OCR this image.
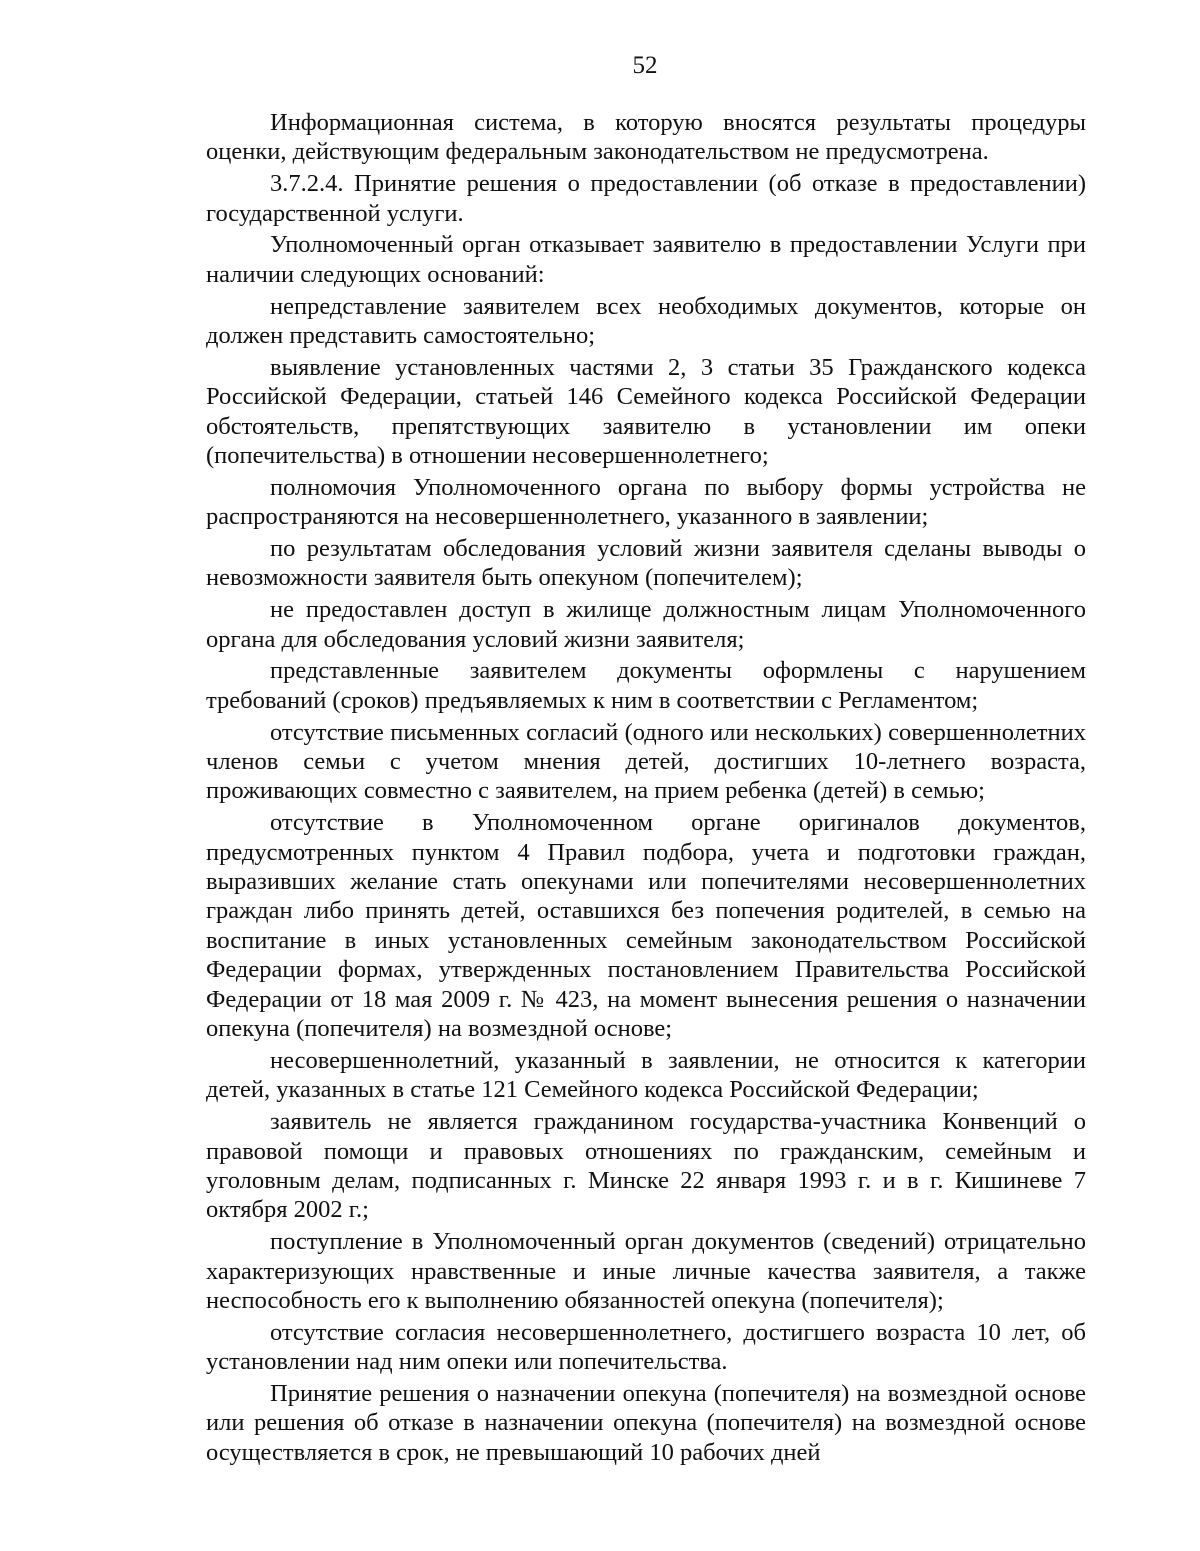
52

Информационная система, в которую вносятся результаты процедуры оценки, действующим федеральным законодательством не предусмотрена.

3.7.2.4. Принятие решения о предоставлении (об отказе в предоставлении) государственной услуги.

Уполномоченный орган отказывает заявителю в предоставлении Услуги при наличии следующих оснований:

непредставление заявителем всех необходимых документов, которые он должен представить самостоятельно;

выявление установленных частями 2, 3 статьи 35 Гражданского кодекса Российской Федерации, статьей 146 Семейного кодекса Российской Федерации обстоятельств, препятствующих заявителю в установлении им опеки (попечительства) в отношении несовершеннолетнего;

полномочия Уполномоченного органа по выбору формы устройства не распространяются на несовершеннолетнего, указанного в заявлении;

по результатам обследования условий жизни заявителя сделаны выводы о невозможности заявителя быть опекуном (попечителем);

не предоставлен доступ в жилище должностным лицам Уполномоченного органа для обследования условий жизни заявителя;

представленные заявителем документы оформлены с нарушением требований (сроков) предъявляемых к ним в соответствии с Регламентом;

отсутствие письменных согласий (одного или нескольких) совершеннолетних членов семьи с учетом мнения детей, достигших 10-летнего возраста, проживающих совместно с заявителем, на прием ребенка (детей) в семью;

отсутствие в Уполномоченном органе оригиналов документов, предусмотренных пунктом 4 Правил подбора, учета и подготовки граждан, выразивших желание стать опекунами или попечителями несовершеннолетних граждан либо принять детей, оставшихся без попечения родителей, в семью на воспитание в иных установленных семейным законодательством Российской Федерации формах, утвержденных постановлением Правительства Российской Федерации от 18 мая 2009 г. № 423, на момент вынесения решения о назначении опекуна (попечителя) на возмездной основе;

несовершеннолетний, указанный в заявлении, не относится к категории детей, указанных в статье 121 Семейного кодекса Российской Федерации;

заявитель не является гражданином государства-участника Конвенций о правовой помощи и правовых отношениях по гражданским, семейным и уголовным делам, подписанных г. Минске 22 января 1993 г. и в г. Кишиневе 7 октября 2002 г.;

поступление в Уполномоченный орган документов (сведений) отрицательно характеризующих нравственные и иные личные качества заявителя, а также неспособность его к выполнению обязанностей опекуна (попечителя);

отсутствие согласия несовершеннолетнего, достигшего возраста 10 лет, об установлении над ним опеки или попечительства.

Принятие решения о назначении опекуна (попечителя) на возмездной основе или решения об отказе в назначении опекуна (попечителя) на возмездной основе осуществляется в срок, не превышающий 10 рабочих дней
